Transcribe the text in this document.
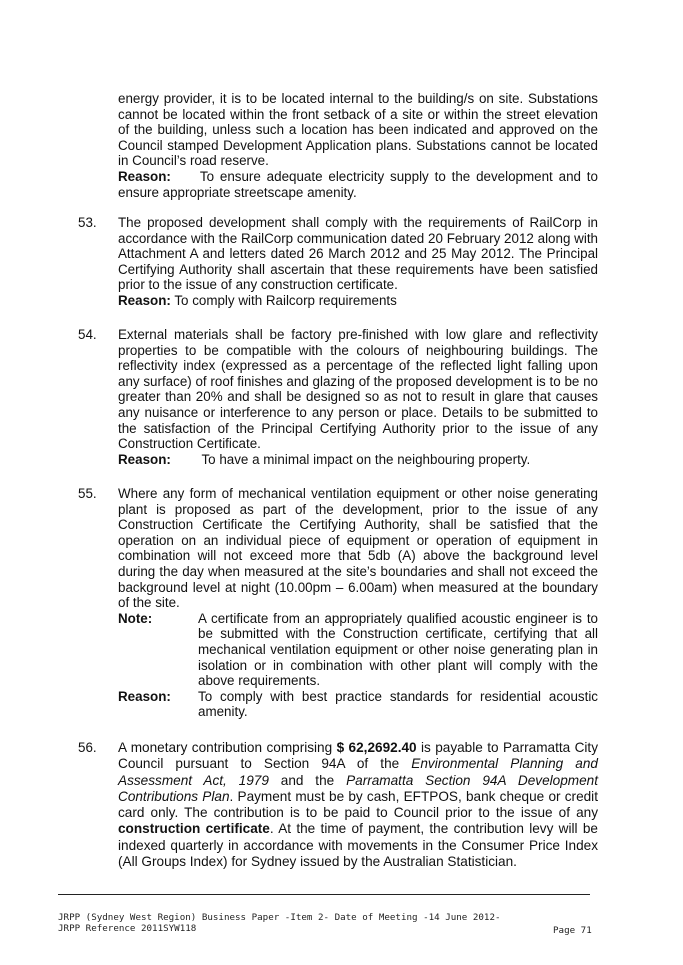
energy provider, it is to be located internal to the building/s on site. Substations cannot be located within the front setback of a site or within the street elevation of the building, unless such a location has been indicated and approved on the Council stamped Development Application plans. Substations cannot be located in Council’s road reserve.
Reason: To ensure adequate electricity supply to the development and to ensure appropriate streetscape amenity.
53.	The proposed development shall comply with the requirements of RailCorp in accordance with the RailCorp communication dated 20 February 2012 along with Attachment A and letters dated 26 March 2012 and 25 May 2012. The Principal Certifying Authority shall ascertain that these requirements have been satisfied prior to the issue of any construction certificate.
Reason: To comply with Railcorp requirements
54.	External materials shall be factory pre-finished with low glare and reflectivity properties to be compatible with the colours of neighbouring buildings. The reflectivity index (expressed as a percentage of the reflected light falling upon any surface) of roof finishes and glazing of the proposed development is to be no greater than 20% and shall be designed so as not to result in glare that causes any nuisance or interference to any person or place. Details to be submitted to the satisfaction of the Principal Certifying Authority prior to the issue of any Construction Certificate.
Reason: To have a minimal impact on the neighbouring property.
55.	Where any form of mechanical ventilation equipment or other noise generating plant is proposed as part of the development, prior to the issue of any Construction Certificate the Certifying Authority, shall be satisfied that the operation on an individual piece of equipment or operation of equipment in combination will not exceed more that 5db (A) above the background level during the day when measured at the site’s boundaries and shall not exceed the background level at night (10.00pm – 6.00am) when measured at the boundary of the site.
Note:	A certificate from an appropriately qualified acoustic engineer is to be submitted with the Construction certificate, certifying that all mechanical ventilation equipment or other noise generating plan in isolation or in combination with other plant will comply with the above requirements.
Reason:	To comply with best practice standards for residential acoustic amenity.
56.	A monetary contribution comprising $ 62,2692.40 is payable to Parramatta City Council pursuant to Section 94A of the Environmental Planning and Assessment Act, 1979 and the Parramatta Section 94A Development Contributions Plan. Payment must be by cash, EFTPOS, bank cheque or credit card only. The contribution is to be paid to Council prior to the issue of any construction certificate. At the time of payment, the contribution levy will be indexed quarterly in accordance with movements in the Consumer Price Index (All Groups Index) for Sydney issued by the Australian Statistician.
JRPP (Sydney West Region) Business Paper -Item 2- Date of Meeting -14 June 2012-
JRPP Reference 2011SYW118	Page 71
